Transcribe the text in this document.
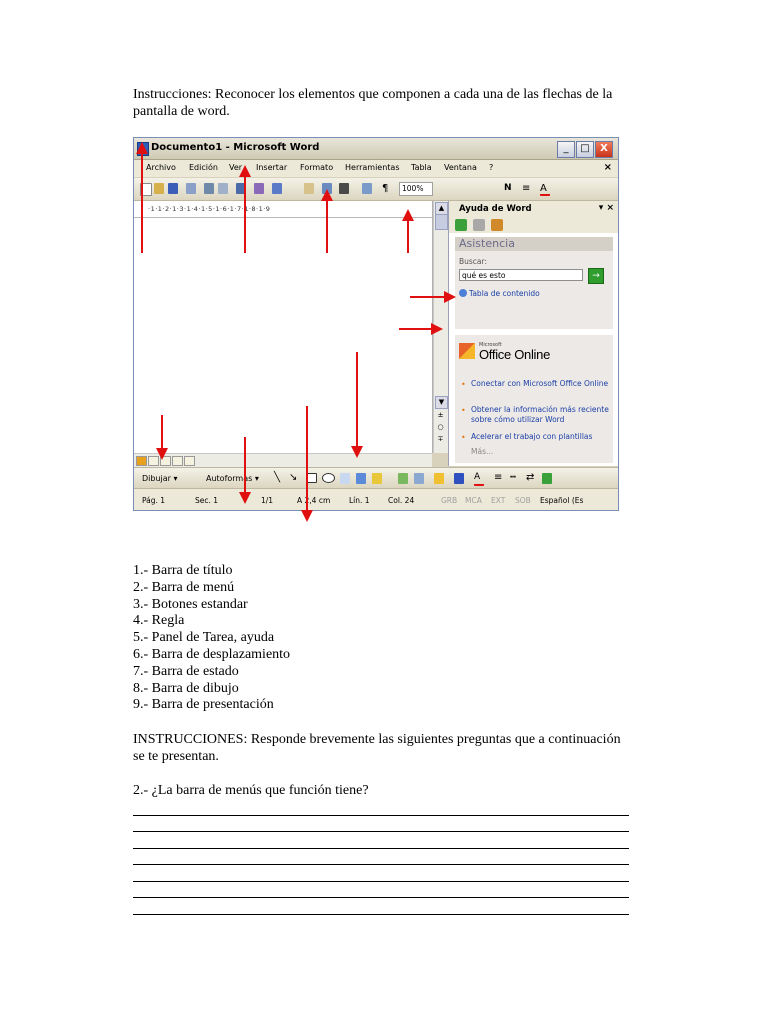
Instrucciones: Reconocer los elementos que componen a cada una de las flechas de la pantalla de word.
Documento1 - Microsoft Word	_	□	X
Archivo Edición Ver Insertar Formato Herramientas Tabla Ventana ?	×
¶	100%	N ≡ A
·1·1·2·1·3·1·4·1·5·1·6·1·7·1·8·1·9	▲
▼
±
○
∓
Ayuda de Word	▾ ×
Asistencia
Buscar:
qué es esto	→
Tabla de contenido
Microsoft
Office Online
• Conectar con Microsoft Office Online
• Obtener la información más reciente sobre cómo utilizar Word
• Acelerar el trabajo con plantillas
Más...
Dibujar ▾	Autoformas ▾ ╲ ↘	A	≡ ┅ ⇄
Pág. 1	Sec. 1	1/1	A 2,4 cm Lín. 1 Col. 24	GRB MCA EXT SOB Español (Es
1.- Barra de título
2.- Barra de menú
3.- Botones estandar
4.- Regla
5.- Panel de Tarea, ayuda
6.- Barra de desplazamiento
7.- Barra de estado
8.- Barra de dibujo
9.- Barra de presentación
INSTRUCCIONES: Responde brevemente las siguientes preguntas que a continuación se te presentan.
2.- ¿La barra de menús que función tiene?
